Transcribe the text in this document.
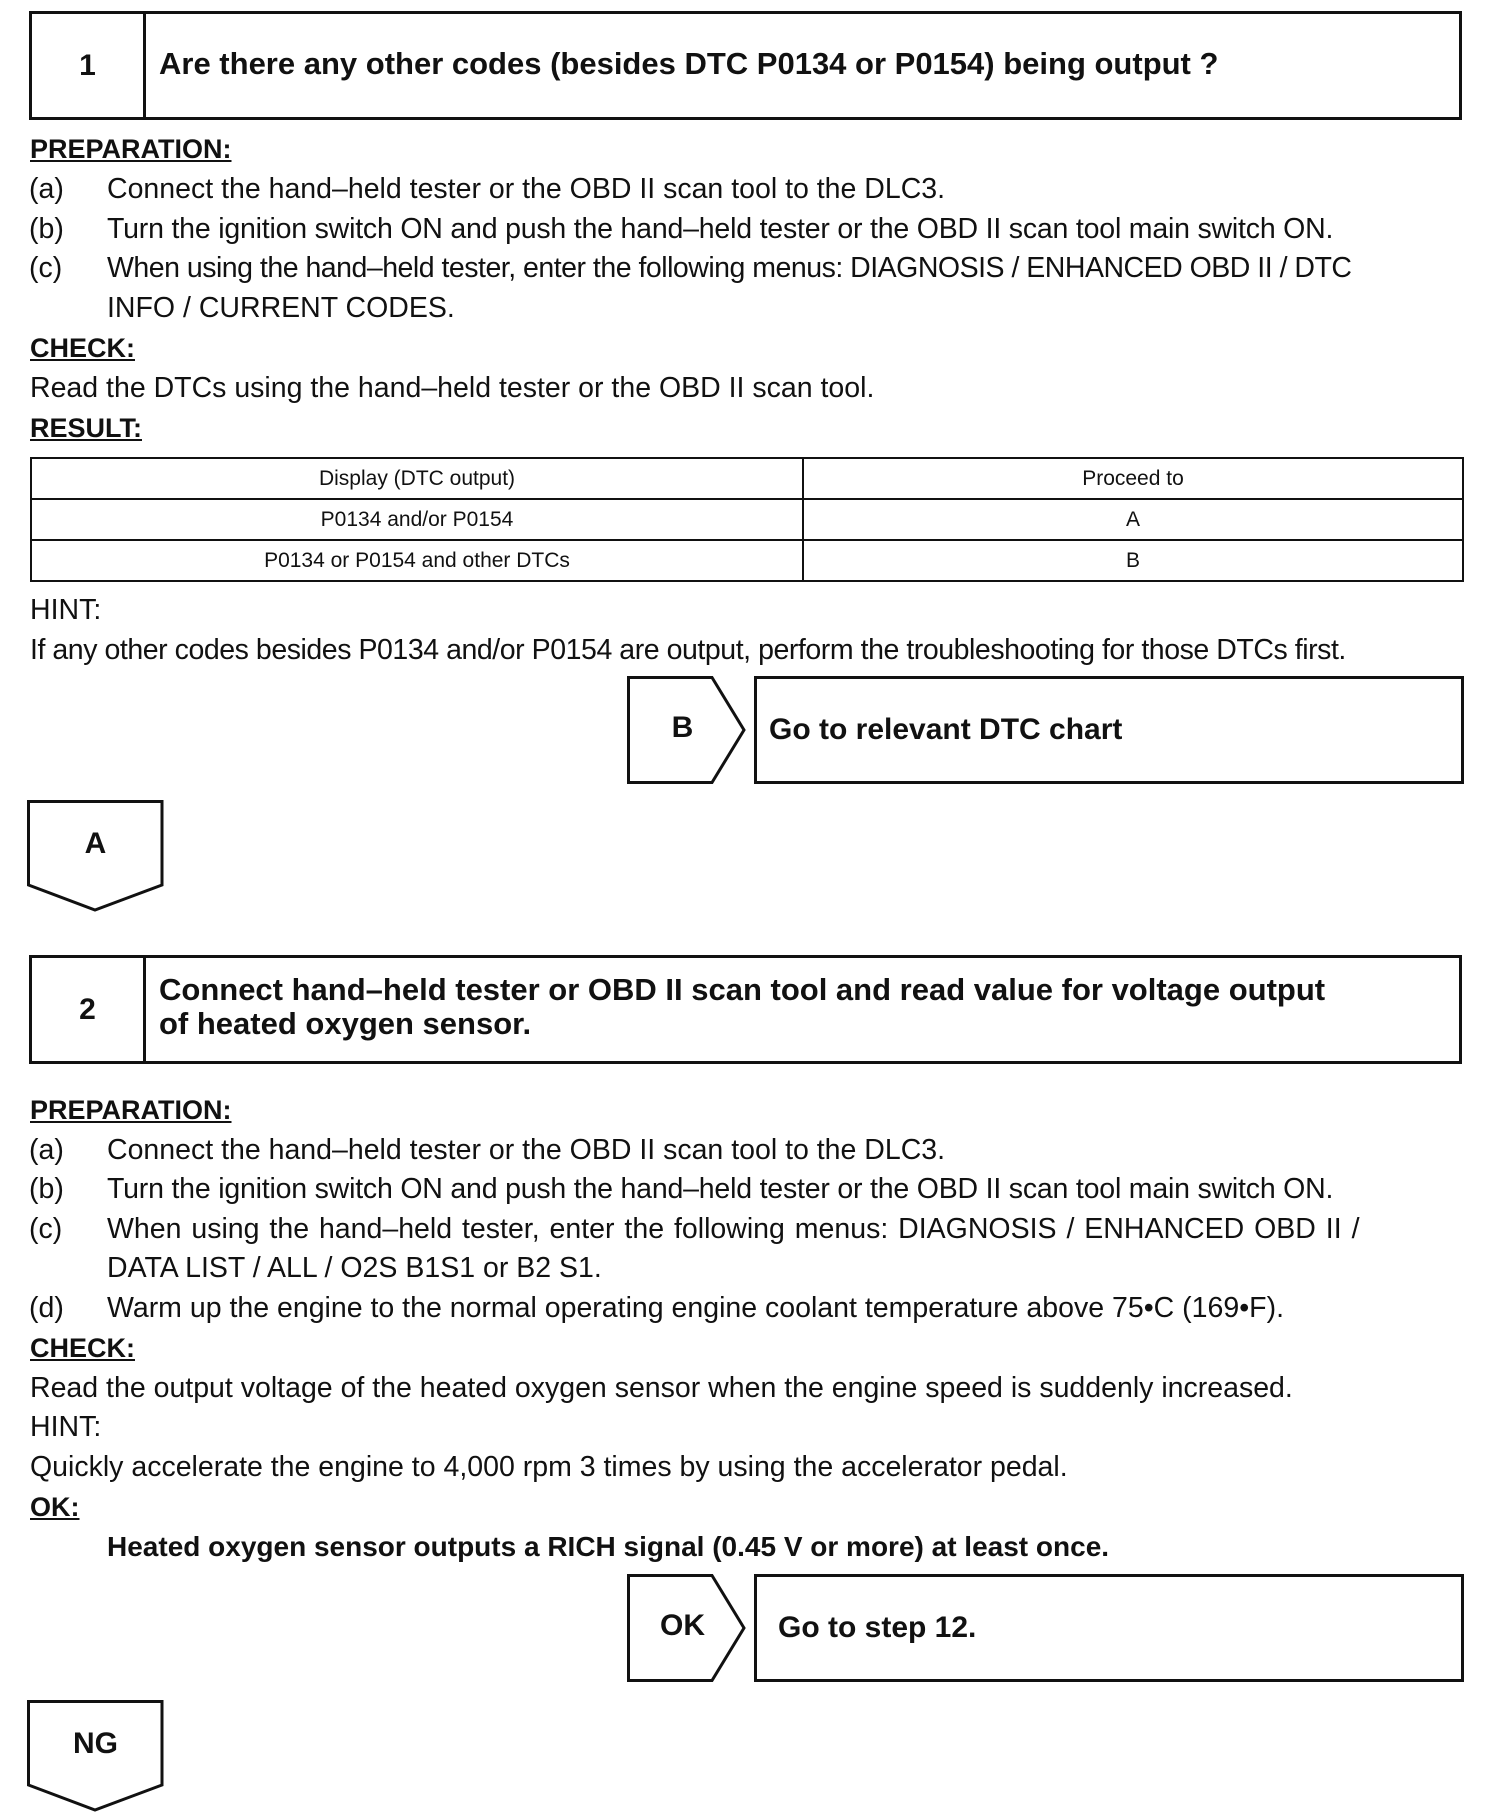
1	Are there any other codes (besides DTC P0134 or P0154) being output ?
PREPARATION:
(a) Connect the hand–held tester or the OBD II scan tool to the DLC3.
(b) Turn the ignition switch ON and push the hand–held tester or the OBD II scan tool main switch ON.
(c) When using the hand–held tester, enter the following menus: DIAGNOSIS / ENHANCED OBD II / DTC
INFO / CURRENT CODES.
CHECK:
Read the DTCs using the hand–held tester or the OBD II scan tool.
RESULT:
Display (DTC output)	Proceed to
P0134 and/or P0154	A
P0134 or P0154 and other DTCs	B
HINT:
If any other codes besides P0134 and/or P0154 are output, perform the troubleshooting for those DTCs first.
B	Go to relevant DTC chart
A
2
Connect hand–held tester or OBD II scan tool and read value for voltage output
of heated oxygen sensor.
PREPARATION:
(a) Connect the hand–held tester or the OBD II scan tool to the DLC3.
(b) Turn the ignition switch ON and push the hand–held tester or the OBD II scan tool main switch ON.
(c) When using the hand–held tester, enter the following menus: DIAGNOSIS / ENHANCED OBD II /
DATA LIST / ALL / O2S B1S1 or B2 S1.
(d) Warm up the engine to the normal operating engine coolant temperature above 75•C (169•F).
CHECK:
Read the output voltage of the heated oxygen sensor when the engine speed is suddenly increased.
HINT:
Quickly accelerate the engine to 4,000 rpm 3 times by using the accelerator pedal.
OK:
Heated oxygen sensor outputs a RICH signal (0.45 V or more) at least once.
OK	Go to step 12.
NG
